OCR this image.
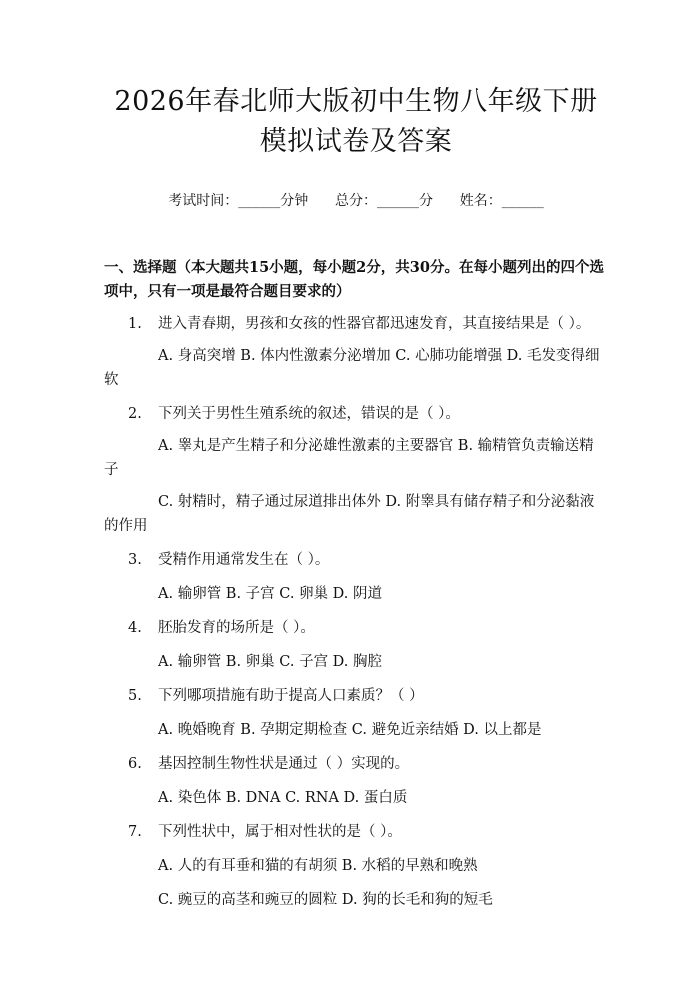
2026年春北师大版初中生物八年级下册模拟试卷及答案
考试时间：______分钟 总分：______分 姓名：______
一、选择题（本大题共15小题，每小题2分，共30分。在每小题列出的四个选项中，只有一项是最符合题目要求的）
1.	进入青春期，男孩和女孩的性器官都迅速发育，其直接结果是（ ）。
A. 身高突增 B. 体内性激素分泌增加 C. 心肺功能增强 D. 毛发变得细软
2.	下列关于男性生殖系统的叙述，错误的是（ ）。
A. 睾丸是产生精子和分泌雄性激素的主要器官 B. 输精管负责输送精子
C. 射精时，精子通过尿道排出体外 D. 附睾具有储存精子和分泌黏液的作用
3.	受精作用通常发生在（ ）。
A. 输卵管 B. 子宫 C. 卵巢 D. 阴道
4.	胚胎发育的场所是（ ）。
A. 输卵管 B. 卵巢 C. 子宫 D. 胸腔
5.	下列哪项措施有助于提高人口素质？（ ）
A. 晚婚晚育 B. 孕期定期检查 C. 避免近亲结婚 D. 以上都是
6.	基因控制生物性状是通过（ ）实现的。
A. 染色体 B. DNA C. RNA D. 蛋白质
7.	下列性状中，属于相对性状的是（ ）。
A. 人的有耳垂和猫的有胡须 B. 水稻的早熟和晚熟
C. 豌豆的高茎和豌豆的圆粒 D. 狗的长毛和狗的短毛
